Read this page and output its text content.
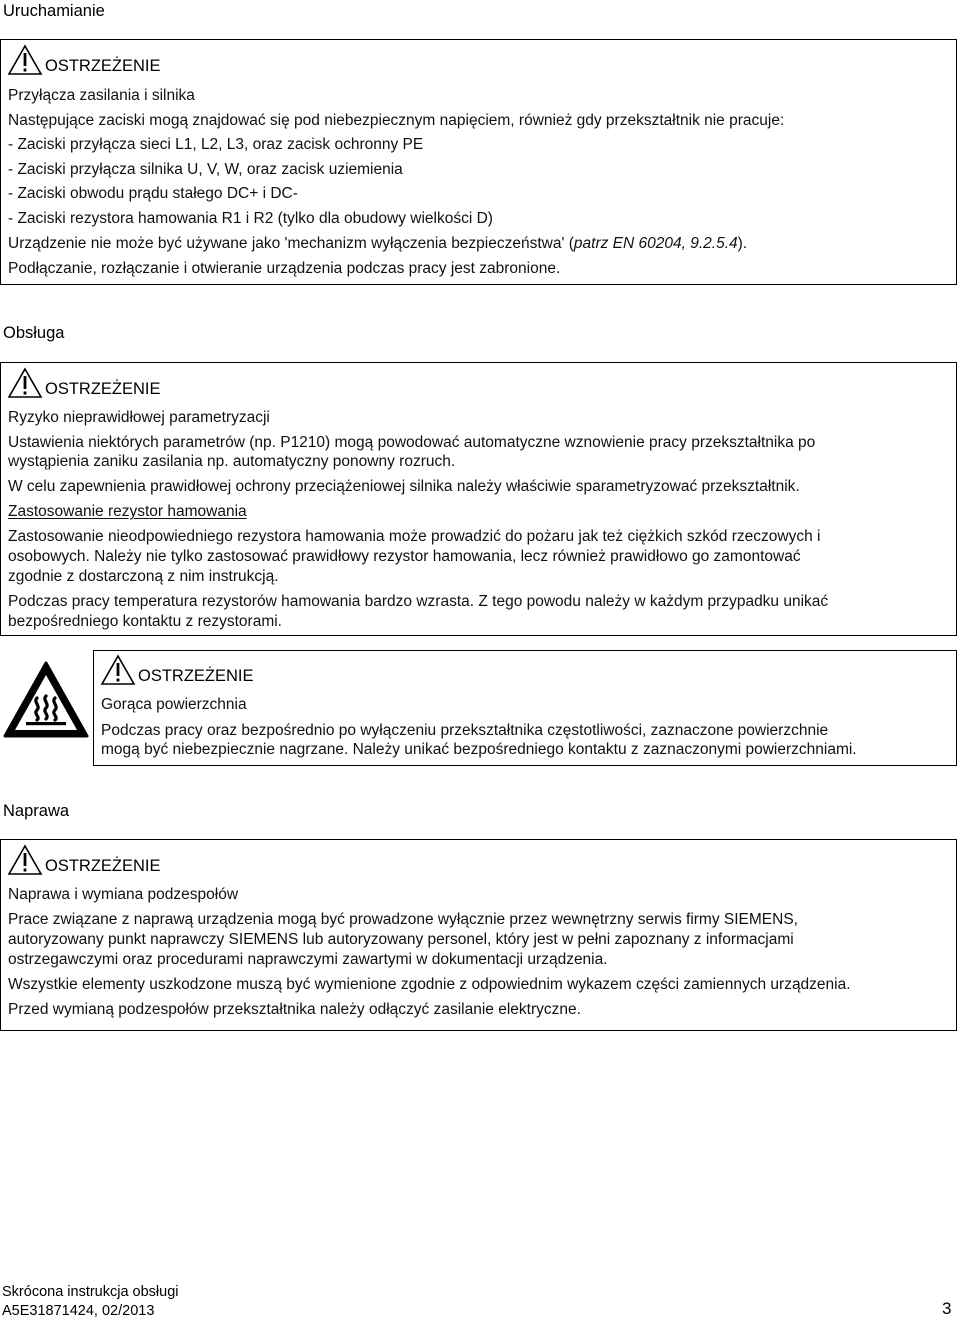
Uruchamianie
OSTRZEŻENIE
Przyłącza zasilania i silnika
Następujące zaciski mogą znajdować się pod niebezpiecznym napięciem, również gdy przekształtnik nie pracuje:
- Zaciski przyłącza sieci L1, L2, L3, oraz zacisk ochronny PE
- Zaciski przyłącza silnika U, V, W, oraz zacisk uziemienia
- Zaciski obwodu prądu stałego DC+ i DC-
- Zaciski rezystora hamowania R1 i R2 (tylko dla obudowy wielkości D)
Urządzenie nie może być używane jako 'mechanizm wyłączenia bezpieczeństwa' (patrz EN 60204, 9.2.5.4).
Podłączanie, rozłączanie i otwieranie urządzenia podczas pracy jest zabronione.
Obsługa
OSTRZEŻENIE
Ryzyko nieprawidłowej parametryzacji
Ustawienia niektórych parametrów (np. P1210) mogą powodować automatyczne wznowienie pracy przekształtnika po
wystąpienia zaniku zasilania np. automatyczny ponowny rozruch.
W celu zapewnienia prawidłowej ochrony przeciążeniowej silnika należy właściwie sparametryzować przekształtnik.
Zastosowanie rezystor hamowania
Zastosowanie nieodpowiedniego rezystora hamowania może prowadzić do pożaru jak też ciężkich szkód rzeczowych i
osobowych. Należy nie tylko zastosować prawidłowy rezystor hamowania, lecz również prawidłowo go zamontować
zgodnie z dostarczoną z nim instrukcją.
Podczas pracy temperatura rezystorów hamowania bardzo wzrasta. Z tego powodu należy w każdym przypadku unikać
bezpośredniego kontaktu z rezystorami.
OSTRZEŻENIE
Gorąca powierzchnia
Podczas pracy oraz bezpośrednio po wyłączeniu przekształtnika częstotliwości, zaznaczone powierzchnie
mogą być niebezpiecznie nagrzane. Należy unikać bezpośredniego kontaktu z zaznaczonymi powierzchniami.
Naprawa
OSTRZEŻENIE
Naprawa i wymiana podzespołów
Prace związane z naprawą urządzenia mogą być prowadzone wyłącznie przez wewnętrzny serwis firmy SIEMENS,
autoryzowany punkt naprawczy SIEMENS lub autoryzowany personel, który jest w pełni zapoznany z informacjami
ostrzegawczymi oraz procedurami naprawczymi zawartymi w dokumentacji urządzenia.
Wszystkie elementy uszkodzone muszą być wymienione zgodnie z odpowiednim wykazem części zamiennych urządzenia.
Przed wymianą podzespołów przekształtnika należy odłączyć zasilanie elektryczne.
Skrócona instrukcja obsługi
A5E31871424, 02/2013	3
